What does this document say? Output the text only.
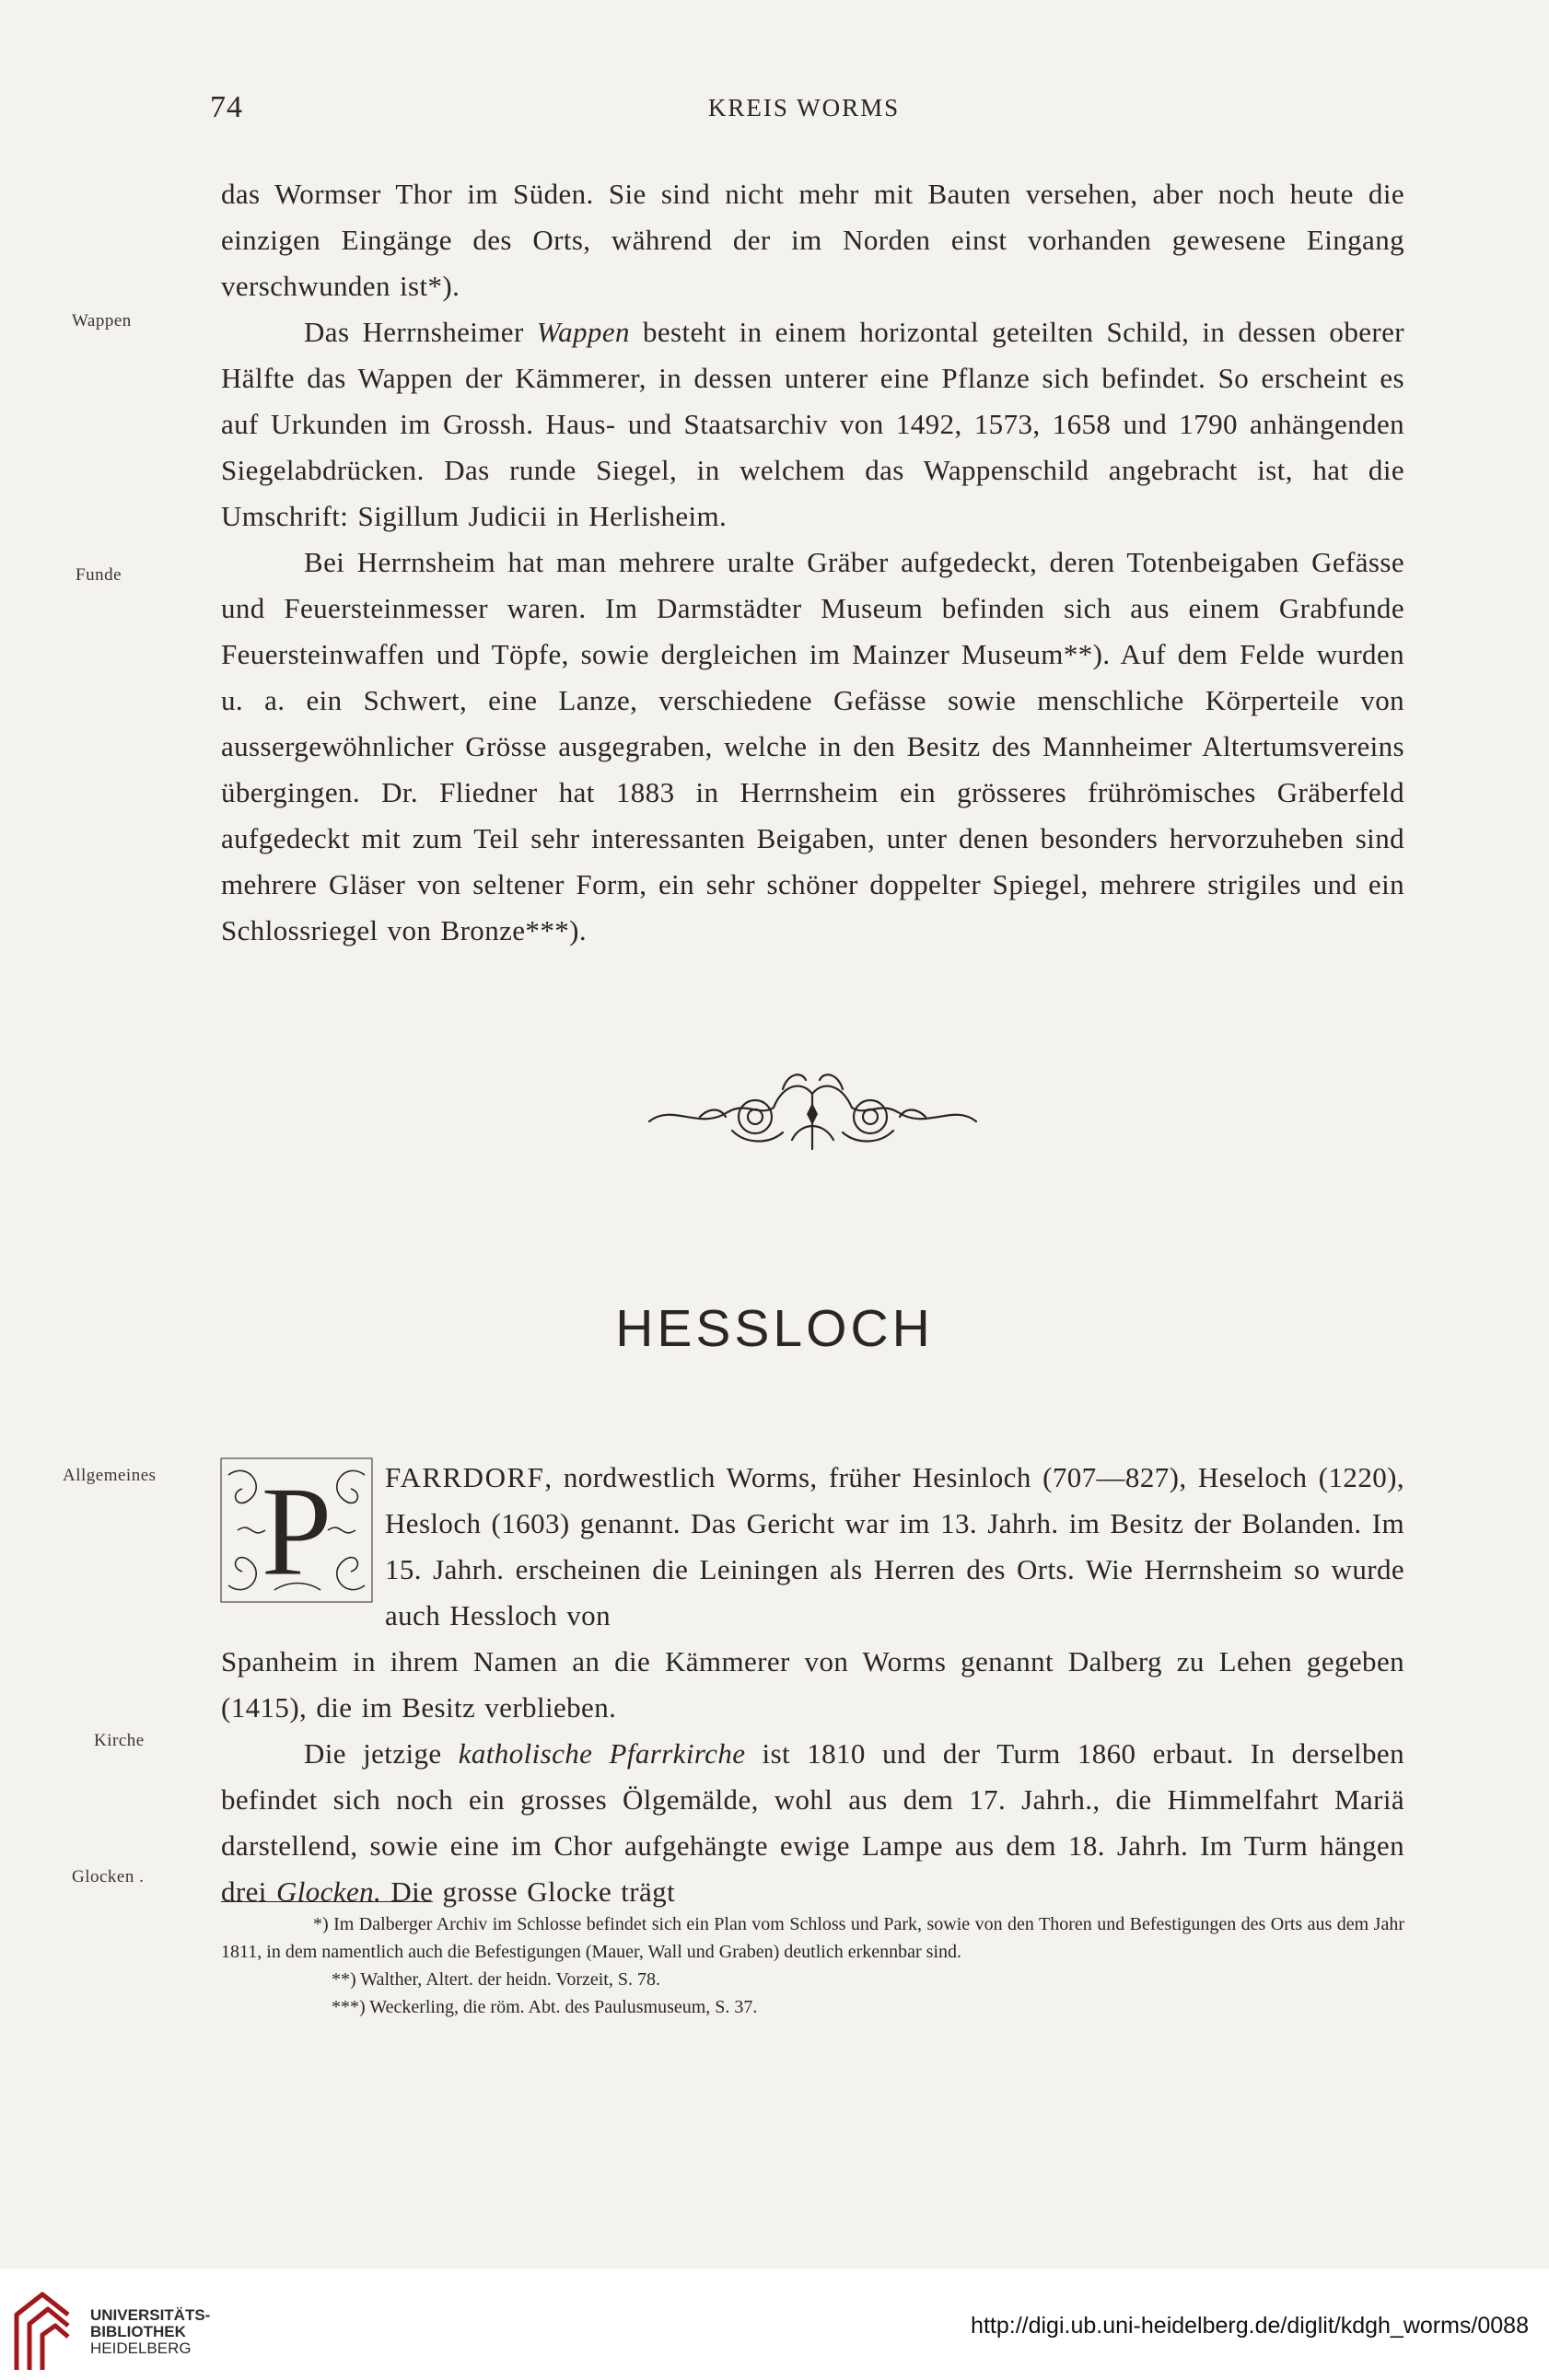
74	KREIS WORMS
Wappen
Funde
Allgemeines
Kirche
Glocken .

das Wormser Thor im Süden. Sie sind nicht mehr mit Bauten versehen, aber noch heute die einzigen Eingänge des Orts, während der im Norden einst vorhanden gewesene Eingang verschwunden ist*).

Das Herrnsheimer Wappen besteht in einem horizontal geteilten Schild, in dessen oberer Hälfte das Wappen der Kämmerer, in dessen unterer eine Pflanze sich befindet. So erscheint es auf Urkunden im Grossh. Haus- und Staatsarchiv von 1492, 1573, 1658 und 1790 anhängenden Siegelabdrücken. Das runde Siegel, in welchem das Wappenschild angebracht ist, hat die Umschrift: Sigillum Judicii in Herlisheim.

Bei Herrnsheim hat man mehrere uralte Gräber aufgedeckt, deren Totenbeigaben Gefässe und Feuersteinmesser waren. Im Darmstädter Museum befinden sich aus einem Grabfunde Feuersteinwaffen und Töpfe, sowie dergleichen im Mainzer Museum**). Auf dem Felde wurden u. a. ein Schwert, eine Lanze, verschiedene Gefässe sowie menschliche Körperteile von aussergewöhnlicher Grösse ausgegraben, welche in den Besitz des Mannheimer Altertumsvereins übergingen. Dr. Fliedner hat 1883 in Herrnsheim ein grösseres frührömisches Gräberfeld aufgedeckt mit zum Teil sehr interessanten Beigaben, unter denen besonders hervorzuheben sind mehrere Gläser von seltener Form, ein sehr schöner doppelter Spiegel, mehrere strigiles und ein Schlossriegel von Bronze***).

HESSLOCH
P FARRDORF, nordwestlich Worms, früher Hesinloch (707—827), Heseloch (1220), Hesloch (1603) genannt. Das Gericht war im 13. Jahrh. im Besitz der Bolanden. Im 15. Jahrh. erscheinen die Leiningen als Herren des Orts. Wie Herrnsheim so wurde auch Hessloch von

Spanheim in ihrem Namen an die Kämmerer von Worms genannt Dalberg zu Lehen gegeben (1415), die im Besitz verblieben.

Die jetzige katholische Pfarrkirche ist 1810 und der Turm 1860 erbaut. In derselben befindet sich noch ein grosses Ölgemälde, wohl aus dem 17. Jahrh., die Himmelfahrt Mariä darstellend, sowie eine im Chor aufgehängte ewige Lampe aus dem 18. Jahrh. Im Turm hängen drei Glocken. Die grosse Glocke trägt

*) Im Dalberger Archiv im Schlosse befindet sich ein Plan vom Schloss und Park, sowie von den Thoren und Befestigungen des Orts aus dem Jahr 1811, in dem namentlich auch die Befestigungen (Mauer, Wall und Graben) deutlich erkennbar sind.

**) Walther, Altert. der heidn. Vorzeit, S. 78.

***) Weckerling, die röm. Abt. des Paulusmuseum, S. 37.

UNIVERSITÄTS-
BIBLIOTHEK
HEIDELBERG
http://digi.ub.uni-heidelberg.de/diglit/kdgh_worms/0088
